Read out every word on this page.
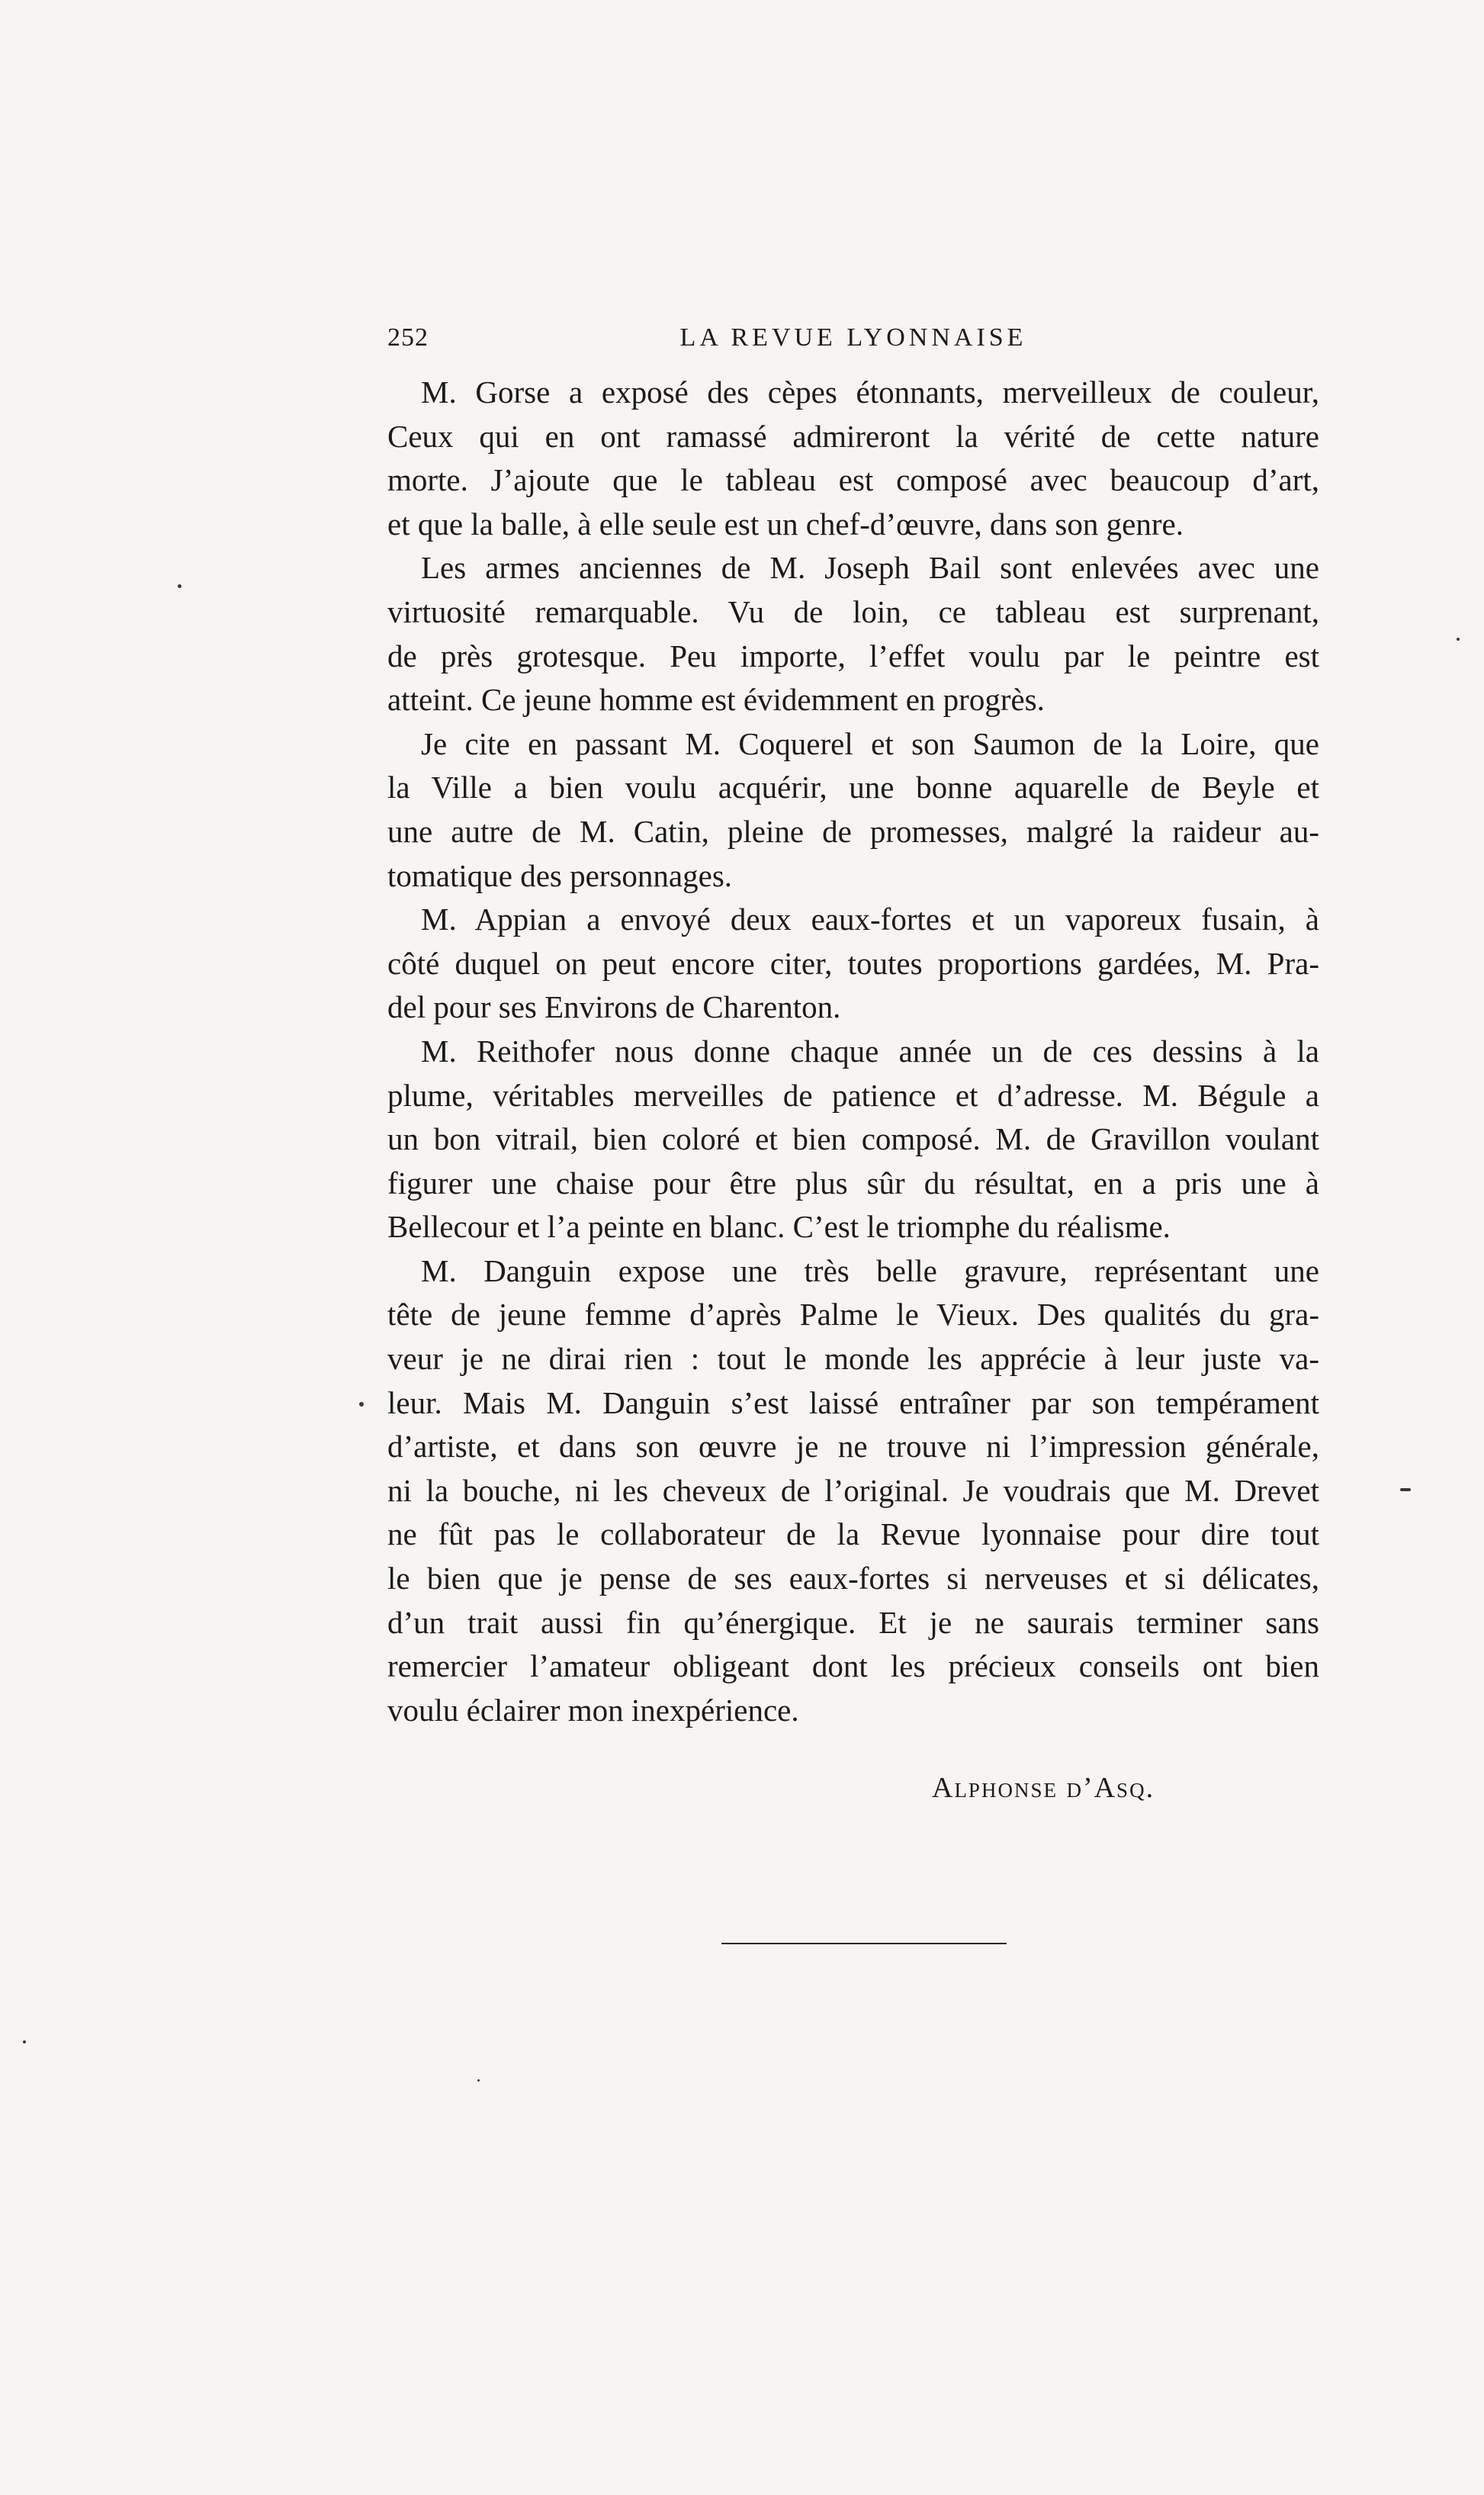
252	LA REVUE LYONNAISE
M. Gorse a exposé des cèpes étonnants, merveilleux de couleur,
Ceux qui en ont ramassé admireront la vérité de cette nature
morte. J’ajoute que le tableau est composé avec beaucoup d’art,
et que la balle, à elle seule est un chef-d’œuvre, dans son genre.
Les armes anciennes de M. Joseph Bail sont enlevées avec une
virtuosité remarquable. Vu de loin, ce tableau est surprenant,
de près grotesque. Peu importe, l’effet voulu par le peintre est
atteint. Ce jeune homme est évidemment en progrès.
Je cite en passant M. Coquerel et son Saumon de la Loire, que
la Ville a bien voulu acquérir, une bonne aquarelle de Beyle et
une autre de M. Catin, pleine de promesses, malgré la raideur au-
tomatique des personnages.
M. Appian a envoyé deux eaux-fortes et un vaporeux fusain, à
côté duquel on peut encore citer, toutes proportions gardées, M. Pra-
del pour ses Environs de Charenton.
M. Reithofer nous donne chaque année un de ces dessins à la
plume, véritables merveilles de patience et d’adresse. M. Bégule a
un bon vitrail, bien coloré et bien composé. M. de Gravillon voulant
figurer une chaise pour être plus sûr du résultat, en a pris une à
Bellecour et l’a peinte en blanc. C’est le triomphe du réalisme.
M. Danguin expose une très belle gravure, représentant une
tête de jeune femme d’après Palme le Vieux. Des qualités du gra-
veur je ne dirai rien : tout le monde les apprécie à leur juste va-
leur. Mais M. Danguin s’est laissé entraîner par son tempérament
d’artiste, et dans son œuvre je ne trouve ni l’impression générale,
ni la bouche, ni les cheveux de l’original. Je voudrais que M. Drevet
ne fût pas le collaborateur de la Revue lyonnaise pour dire tout
le bien que je pense de ses eaux-fortes si nerveuses et si délicates,
d’un trait aussi fin qu’énergique. Et je ne saurais terminer sans
remercier l’amateur obligeant dont les précieux conseils ont bien
voulu éclairer mon inexpérience.
Alphonse d’Asq.
